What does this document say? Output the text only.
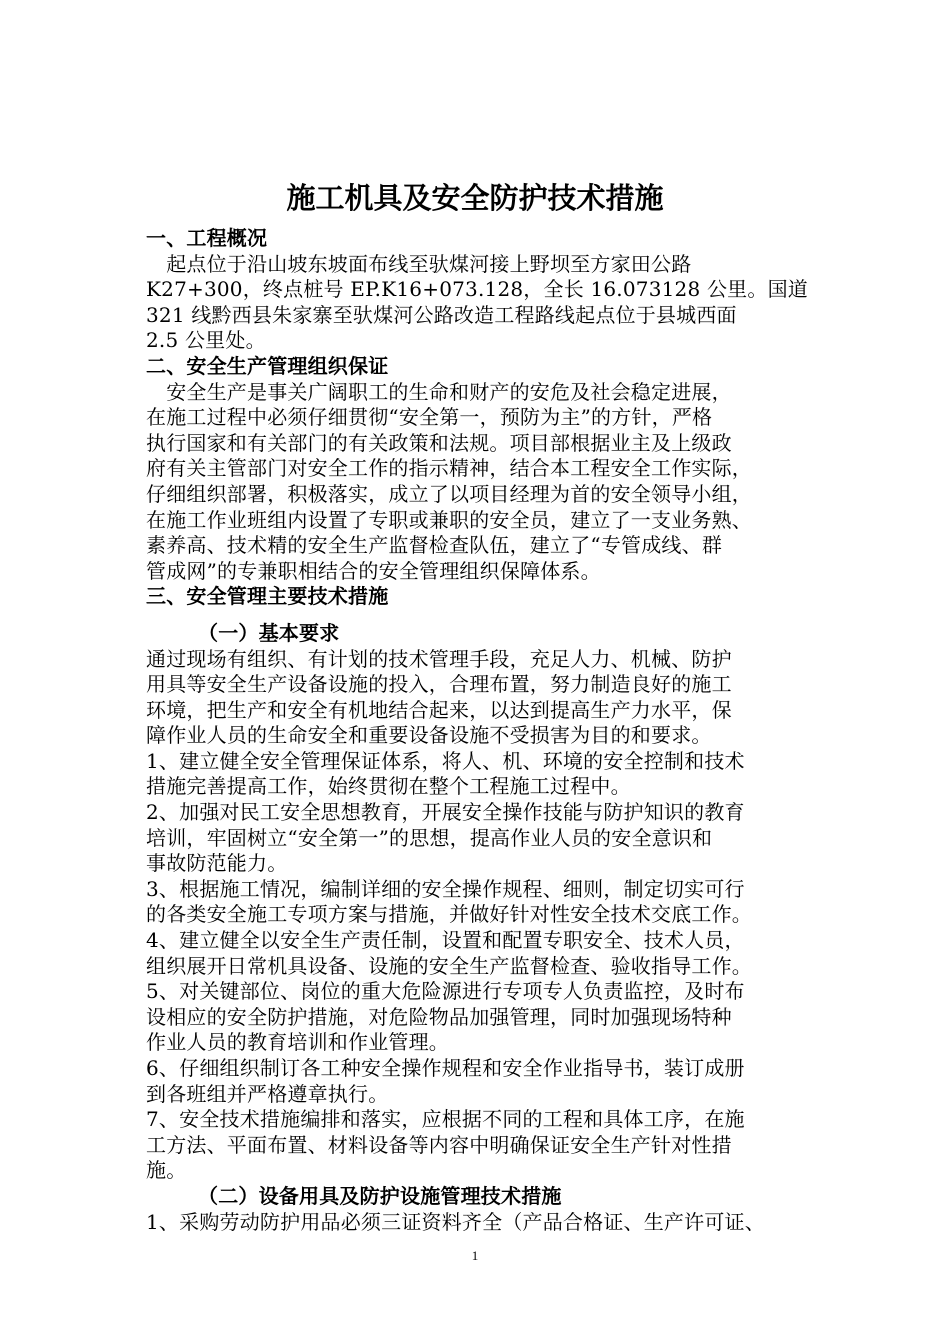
施工机具及安全防护技术措施
一、工程概况
　起点位于沿山坡东坡面布线至驮煤河接上野坝至方家田公路
K27+300，终点桩号 EP.K16+073.128，全长 16.073128 公里。国道
321 线黔西县朱家寨至驮煤河公路改造工程路线起点位于县城西面
2.5 公里处。
二、安全生产管理组织保证
　安全生产是事关广阔职工的生命和财产的安危及社会稳定进展，
在施工过程中必须仔细贯彻“安全第一，预防为主”的方针，严格
执行国家和有关部门的有关政策和法规。项目部根据业主及上级政
府有关主管部门对安全工作的指示精神，结合本工程安全工作实际，
仔细组织部署，积极落实，成立了以项目经理为首的安全领导小组，
在施工作业班组内设置了专职或兼职的安全员，建立了一支业务熟、
素养高、技术精的安全生产监督检查队伍，建立了“专管成线、群
管成网”的专兼职相结合的安全管理组织保障体系。
三、安全管理主要技术措施
（一）基本要求
通过现场有组织、有计划的技术管理手段，充足人力、机械、防护
用具等安全生产设备设施的投入，合理布置，努力制造良好的施工
环境，把生产和安全有机地结合起来，以达到提高生产力水平，保
障作业人员的生命安全和重要设备设施不受损害为目的和要求。
1、建立健全安全管理保证体系，将人、机、环境的安全控制和技术
措施完善提高工作，始终贯彻在整个工程施工过程中。
2、加强对民工安全思想教育，开展安全操作技能与防护知识的教育
培训，牢固树立“安全第一”的思想，提高作业人员的安全意识和
事故防范能力。
3、根据施工情况，编制详细的安全操作规程、细则，制定切实可行
的各类安全施工专项方案与措施，并做好针对性安全技术交底工作。
4、建立健全以安全生产责任制，设置和配置专职安全、技术人员，
组织展开日常机具设备、设施的安全生产监督检查、验收指导工作。
5、对关键部位、岗位的重大危险源进行专项专人负责监控，及时布
设相应的安全防护措施，对危险物品加强管理，同时加强现场特种
作业人员的教育培训和作业管理。
6、仔细组织制订各工种安全操作规程和安全作业指导书，装订成册
到各班组并严格遵章执行。
7、安全技术措施编排和落实，应根据不同的工程和具体工序，在施
工方法、平面布置、材料设备等内容中明确保证安全生产针对性措
施。
（二）设备用具及防护设施管理技术措施
1、采购劳动防护用品必须三证资料齐全（产品合格证、生产许可证、
1
